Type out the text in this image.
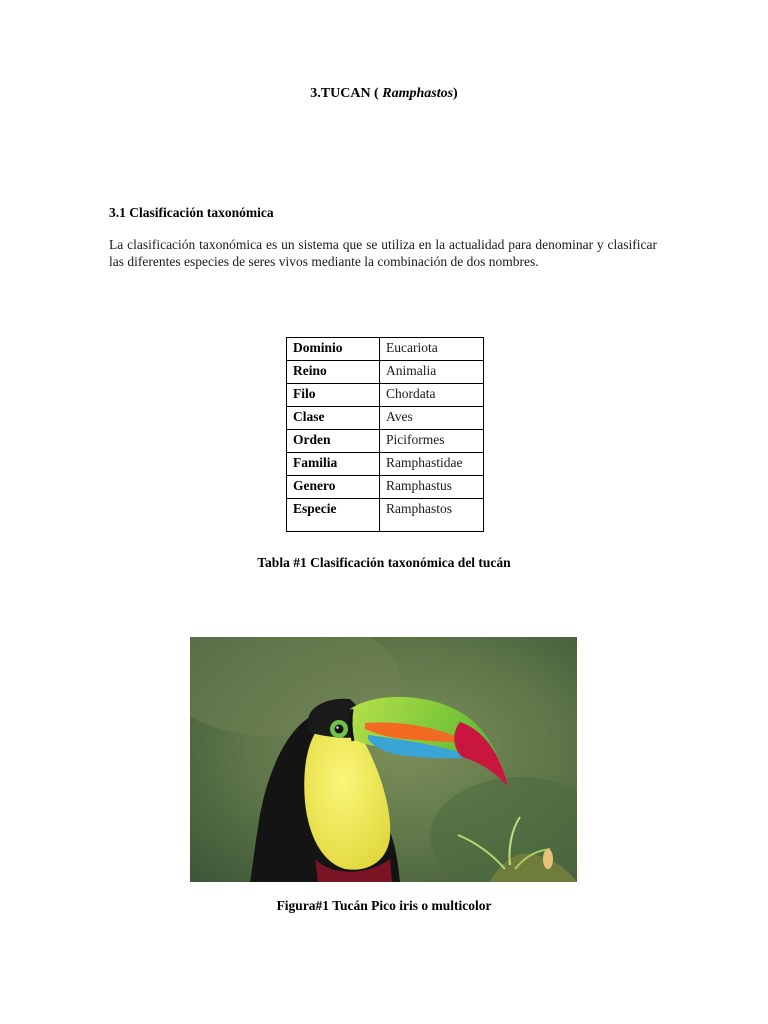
3.TUCAN ( Ramphastos)
3.1 Clasificación taxonómica
La clasificación taxonómica es un sistema que se utiliza en la actualidad para denominar y clasificar las diferentes especies de seres vivos mediante la combinación de dos nombres.
Dominio	Eucariota
Reino	Animalia
Filo	Chordata
Clase	Aves
Orden	Piciformes
Familia	Ramphastidae
Genero	Ramphastus
Especie	Ramphastos
Tabla #1 Clasificación taxonómica del tucán
Figura#1 Tucán Pico iris o multicolor
